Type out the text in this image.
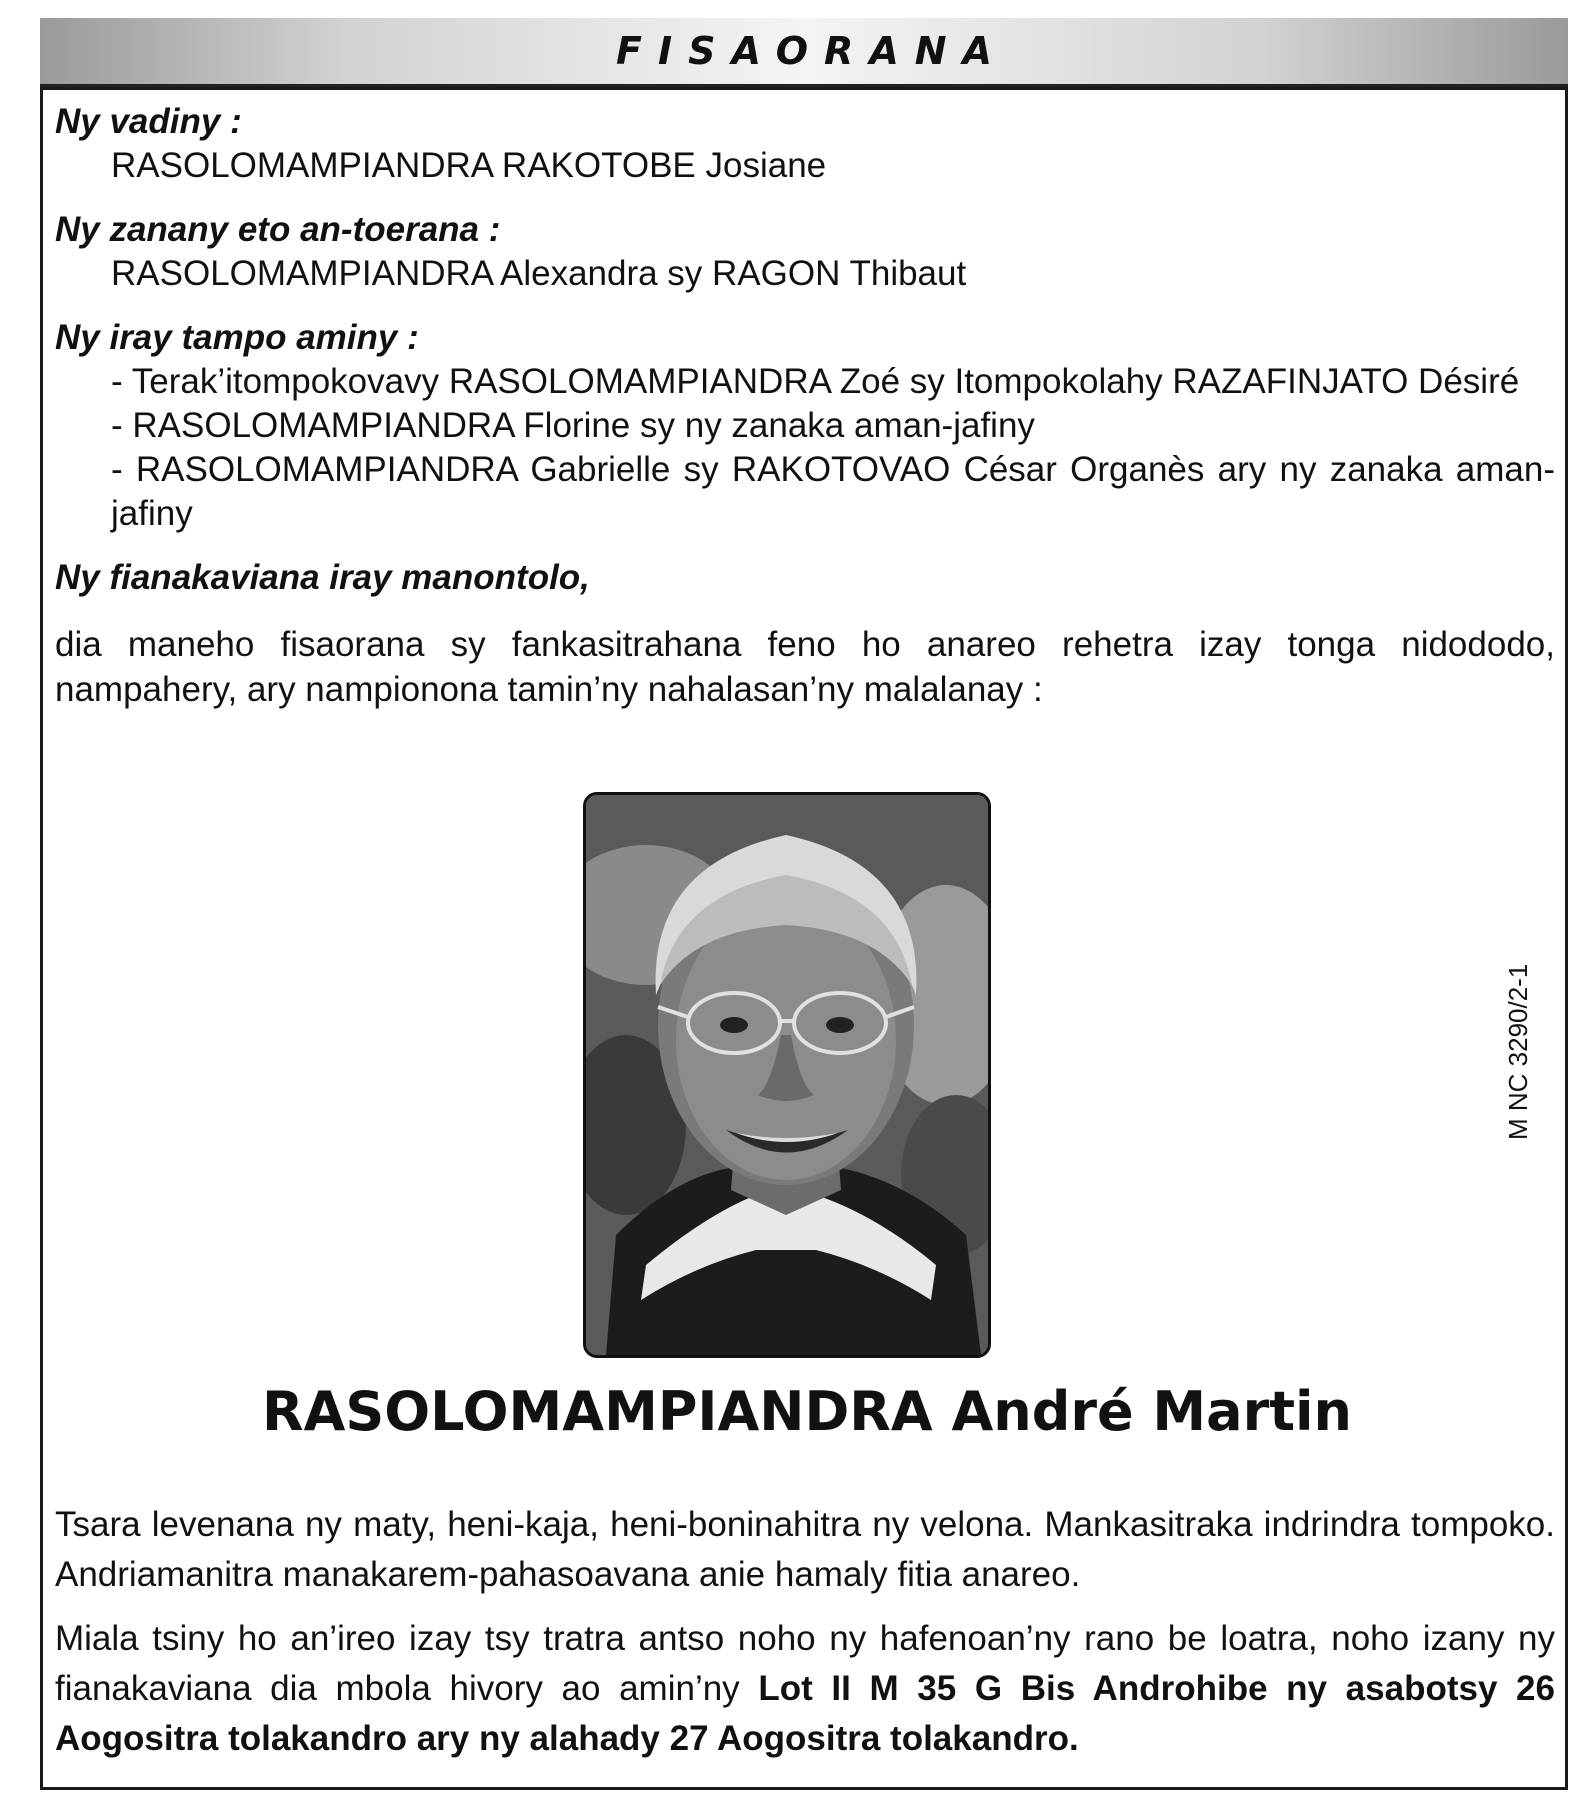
FISAORANA
Ny vadiny :
RASOLOMAMPIANDRA RAKOTOBE Josiane
Ny zanany eto an-toerana :
RASOLOMAMPIANDRA Alexandra sy RAGON Thibaut
Ny iray tampo aminy :
- Terak’itompokovavy RASOLOMAMPIANDRA Zoé sy Itompokolahy RAZAFINJATO Désiré
- RASOLOMAMPIANDRA Florine sy ny zanaka aman-jafiny
- RASOLOMAMPIANDRA Gabrielle sy RAKOTOVAO César Organès ary ny zanaka aman-
jafiny
Ny fianakaviana iray manontolo,
dia maneho fisaorana sy fankasitrahana feno ho anareo rehetra izay tonga nidododo,
nampahery, ary nampionona tamin’ny nahalasan’ny malalanay :
RASOLOMAMPIANDRA André Martin
M NC 3290/2-1
Tsara levenana ny maty, heni-kaja, heni-boninahitra ny velona. Mankasitraka indrindra tompoko. Andriamanitra manakarem-pahasoavana anie hamaly fitia anareo.
Miala tsiny ho an’ireo izay tsy tratra antso noho ny hafenoan’ny rano be loatra, noho izany ny fianakaviana dia mbola hivory ao amin’ny Lot II M 35 G Bis Androhibe ny asabotsy 26 Aogositra tolakandro ary ny alahady 27 Aogositra tolakandro.
